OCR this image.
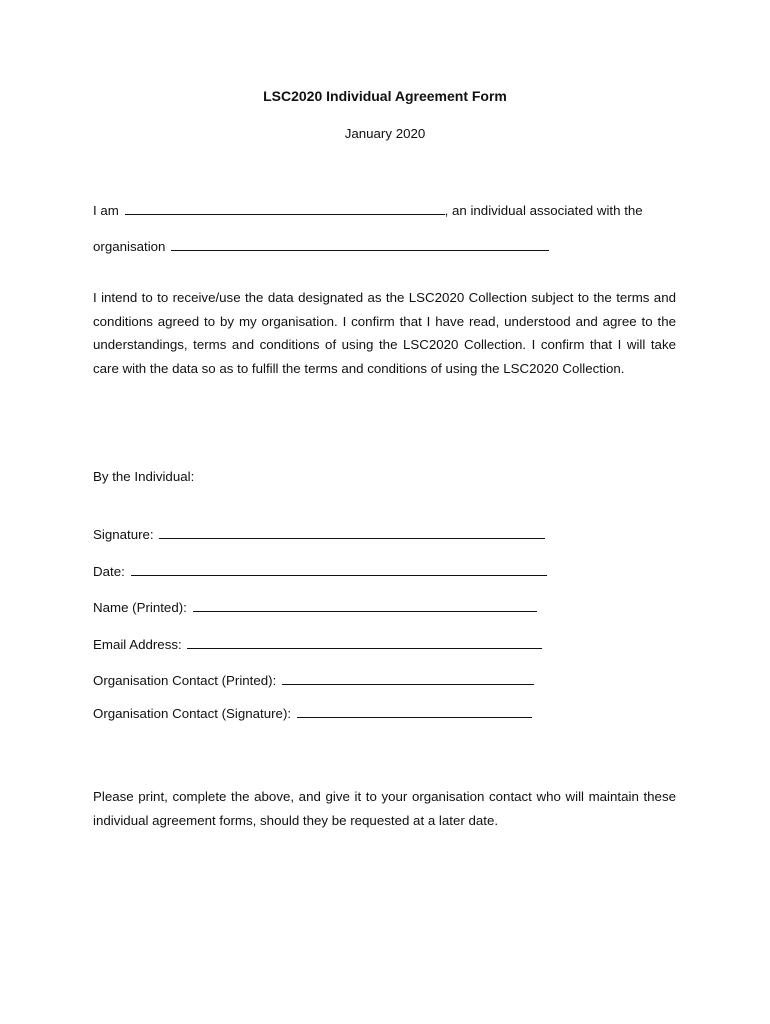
LSC2020 Individual Agreement Form
January 2020
I am	, an individual associated with the
organisation
I intend to to receive/use the data designated as the LSC2020 Collection subject to the terms and conditions agreed to by my organisation. I confirm that I have read, understood and agree to the understandings, terms and conditions of using the LSC2020 Collection. I confirm that I will take care with the data so as to fulfill the terms and conditions of using the LSC2020 Collection.
By the Individual:
Signature:
Date:
Name (Printed):
Email Address:
Organisation Contact (Printed):
Organisation Contact (Signature):
Please print, complete the above, and give it to your organisation contact who will maintain these individual agreement forms, should they be requested at a later date.
